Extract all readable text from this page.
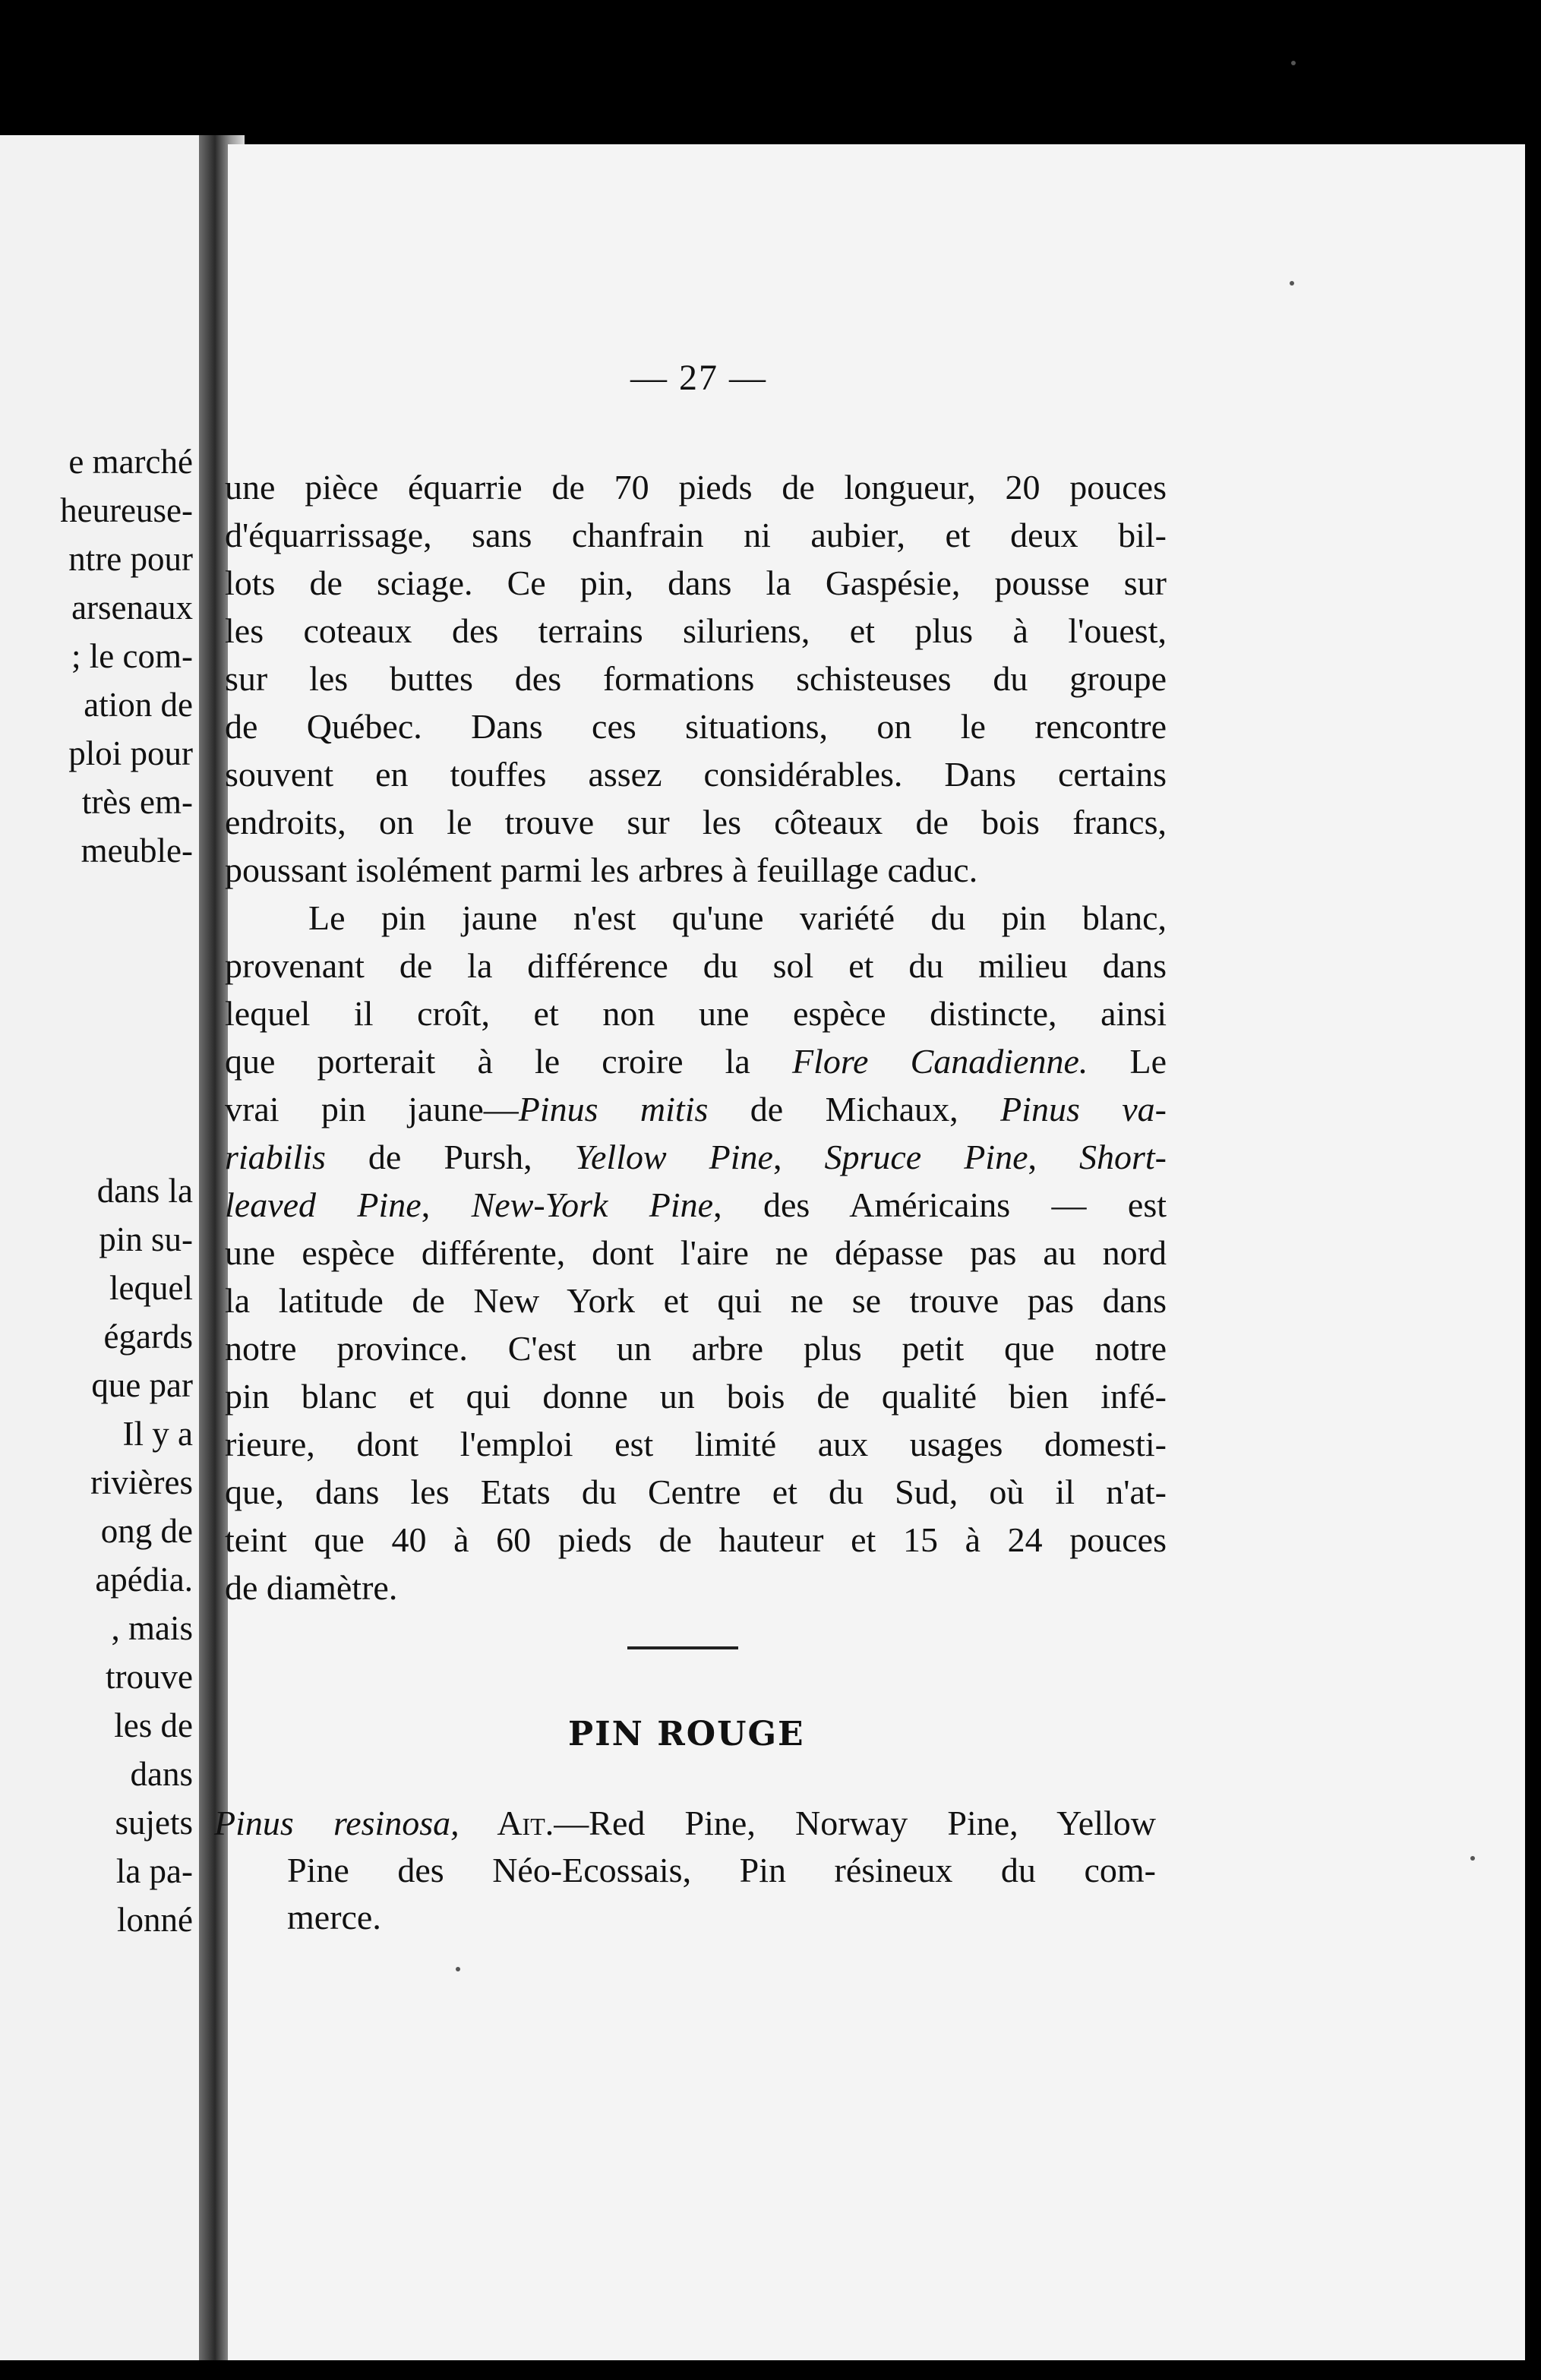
e marché
heureuse-
ntre pour
arsenaux
; le com-
ation de
ploi pour
très em-
meuble-
dans la
pin su-
lequel
égards
que par
Il y a
rivières
ong de
apédia.
, mais
trouve
les de
dans
sujets
la pa-
lonné
— 27 —
une pièce équarrie de 70 pieds de longueur, 20 pouces
d'équarrissage, sans chanfrain ni aubier, et deux bil-
lots de sciage. Ce pin, dans la Gaspésie, pousse sur
les coteaux des terrains siluriens, et plus à l'ouest,
sur les buttes des formations schisteuses du groupe
de Québec. Dans ces situations, on le rencontre
souvent en touffes assez considérables. Dans certains
endroits, on le trouve sur les côteaux de bois francs,
poussant isolément parmi les arbres à feuillage caduc.
Le pin jaune n'est qu'une variété du pin blanc,
provenant de la différence du sol et du milieu dans
lequel il croît, et non une espèce distincte, ainsi
que porterait à le croire la Flore Canadienne. Le
vrai pin jaune—Pinus mitis de Michaux, Pinus va-
riabilis de Pursh, Yellow Pine, Spruce Pine, Short-
leaved Pine, New-York Pine, des Américains — est
une espèce différente, dont l'aire ne dépasse pas au nord
la latitude de New York et qui ne se trouve pas dans
notre province. C'est un arbre plus petit que notre
pin blanc et qui donne un bois de qualité bien infé-
rieure, dont l'emploi est limité aux usages domesti-
que, dans les Etats du Centre et du Sud, où il n'at-
teint que 40 à 60 pieds de hauteur et 15 à 24 pouces
de diamètre.
PIN ROUGE
Pinus resinosa, Ait.—Red Pine, Norway Pine, Yellow
Pine des Néo-Ecossais, Pin résineux du com-
merce.
